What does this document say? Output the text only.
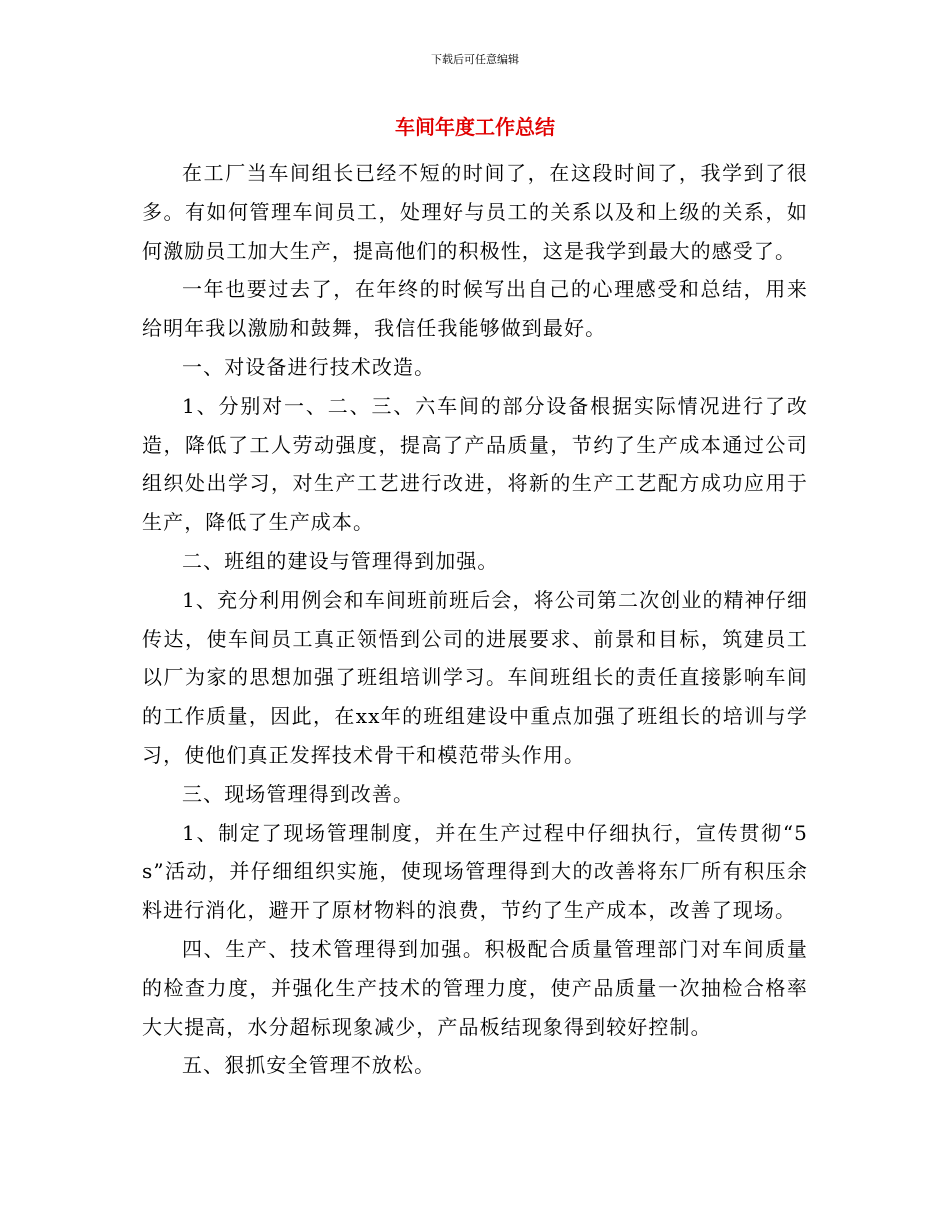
下载后可任意编辑
车间年度工作总结

在工厂当车间组长已经不短的时间了，在这段时间了，我学到了很多。有如何管理车间员工，处理好与员工的关系以及和上级的关系，如何激励员工加大生产，提高他们的积极性，这是我学到最大的感受了。

一年也要过去了，在年终的时候写出自己的心理感受和总结，用来给明年我以激励和鼓舞，我信任我能够做到最好。

一、对设备进行技术改造。

1、分别对一、二、三、六车间的部分设备根据实际情况进行了改造，降低了工人劳动强度，提高了产品质量，节约了生产成本通过公司组织处出学习，对生产工艺进行改进，将新的生产工艺配方成功应用于生产，降低了生产成本。

二、班组的建设与管理得到加强。

1、充分利用例会和车间班前班后会，将公司第二次创业的精神仔细传达，使车间员工真正领悟到公司的进展要求、前景和目标，筑建员工以厂为家的思想加强了班组培训学习。车间班组长的责任直接影响车间的工作质量，因此，在xx年的班组建设中重点加强了班组长的培训与学习，使他们真正发挥技术骨干和模范带头作用。

三、现场管理得到改善。

1、制定了现场管理制度，并在生产过程中仔细执行，宣传贯彻“5s”活动，并仔细组织实施，使现场管理得到大的改善将东厂所有积压余料进行消化，避开了原材物料的浪费，节约了生产成本，改善了现场。

四、生产、技术管理得到加强。积极配合质量管理部门对车间质量的检查力度，并强化生产技术的管理力度，使产品质量一次抽检合格率大大提高，水分超标现象减少，产品板结现象得到较好控制。

五、狠抓安全管理不放松。
